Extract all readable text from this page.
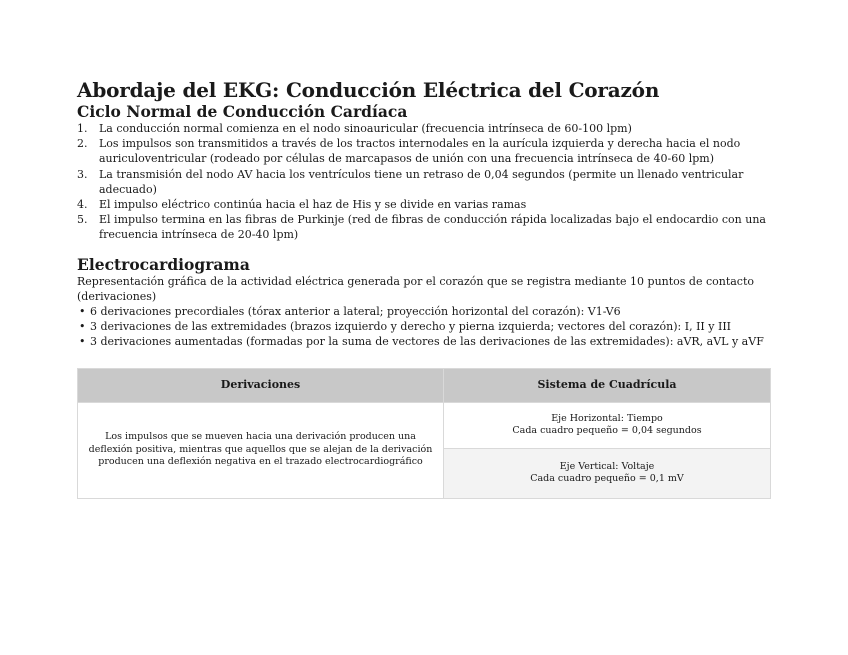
Abordaje del EKG: Conducción Eléctrica del Corazón
Ciclo Normal de Conducción Cardíaca
1. La conducción normal comienza en el nodo sinoauricular (frecuencia intrínseca de 60-100 lpm)
2. Los impulsos son transmitidos a través de los tractos internodales en la aurícula izquierda y derecha hacia el nodo auriculoventricular (rodeado por células de marcapasos de unión con una frecuencia intrínseca de 40-60 lpm)
3. La transmisión del nodo AV hacia los ventrículos tiene un retraso de 0,04 segundos (permite un llenado ventricular adecuado)
4. El impulso eléctrico continúa hacia el haz de His y se divide en varias ramas
5. El impulso termina en las fibras de Purkinje (red de fibras de conducción rápida localizadas bajo el endocardio con una frecuencia intrínseca de 20-40 lpm)
Electrocardiograma

Representación gráfica de la actividad eléctrica generada por el corazón que se registra mediante 10 puntos de contacto (derivaciones)

• 6 derivaciones precordiales (tórax anterior a lateral; proyección horizontal del corazón): V1-V6
• 3 derivaciones de las extremidades (brazos izquierdo y derecho y pierna izquierda; vectores del corazón): I, II y III
• 3 derivaciones aumentadas (formadas por la suma de vectores de las derivaciones de las extremidades): aVR, aVL y aVF
Derivaciones	Sistema de Cuadrícula
Los impulsos que se mueven hacia una derivación producen una deflexión positiva, mientras que aquellos que se alejan de la derivación producen una deflexión negativa en el trazado electrocardiográfico	Eje Horizontal: Tiempo
Cada cuadro pequeño = 0,04 segundos

	Eje Vertical: Voltaje
Cada cuadro pequeño = 0,1 mV
